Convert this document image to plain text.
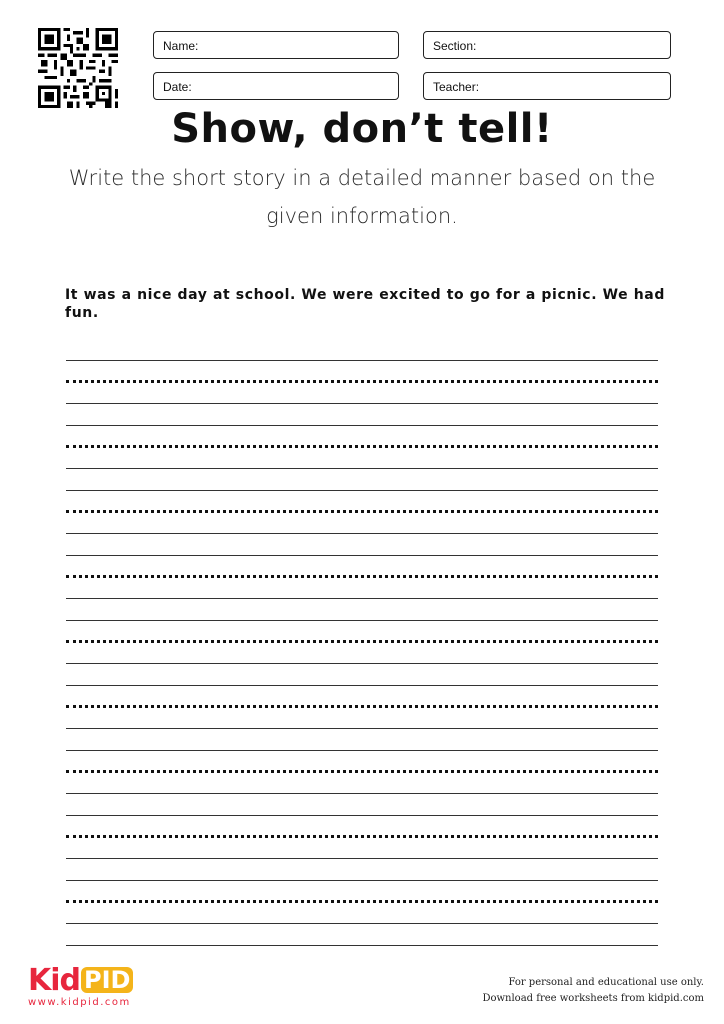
Name:	Section:
Date:	Teacher:
Show, don’t tell!
Write the short story in a detailed manner based on the given information.
It was a nice day at school. We were excited to go for a picnic. We had fun.
Kid PID
www.kidpid.com
For personal and educational use only.
Download free worksheets from kidpid.com
